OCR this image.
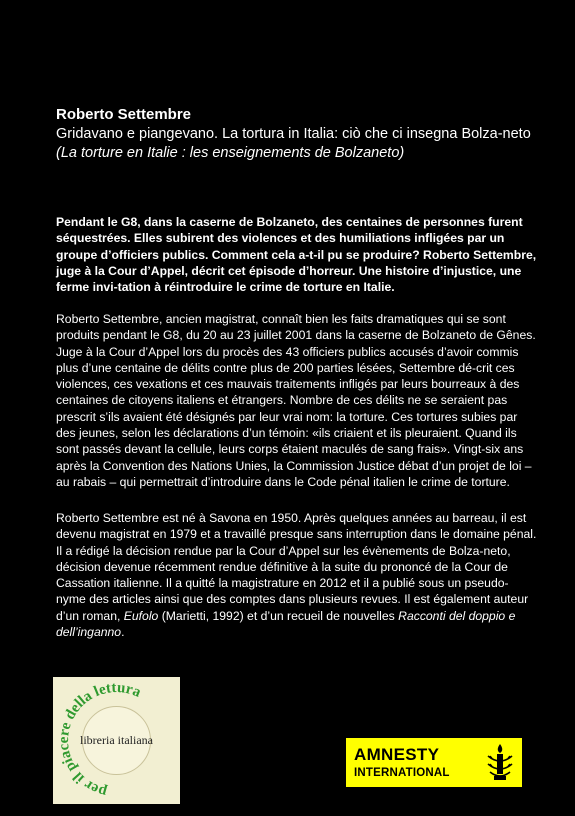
Roberto Settembre
Gridavano e piangevano. La tortura in Italia: ciò che ci insegna Bolza-neto
(La torture en Italie : les enseignements de Bolzaneto)

Pendant le G8, dans la caserne de Bolzaneto, des centaines de personnes furent séquestrées. Elles subirent des violences et des humiliations infligées par un groupe d’officiers publics. Comment cela a-t-il pu se produire? Roberto Settembre, juge à la Cour d’Appel, décrit cet épisode d’horreur. Une histoire d’injustice, une ferme invi-tation à réintroduire le crime de torture en Italie.

Roberto Settembre, ancien magistrat, connaît bien les faits dramatiques qui se sont produits pendant le G8, du 20 au 23 juillet 2001 dans la caserne de Bolzaneto de Gênes. Juge à la Cour d’Appel lors du procès des 43 officiers publics accusés d’avoir commis plus d’une centaine de délits contre plus de 200 parties lésées, Settembre dé-crit ces violences, ces vexations et ces mauvais traitements infligés par leurs bourreaux à des centaines de citoyens italiens et étrangers. Nombre de ces délits ne se seraient pas prescrit s’ils avaient été désignés par leur vrai nom: la torture. Ces tortures subies par des jeunes, selon les déclarations d’un témoin: «ils criaient et ils pleuraient. Quand ils sont passés devant la cellule, leurs corps étaient maculés de sang frais». Vingt-six ans après la Convention des Nations Unies, la Commission Justice débat d’un projet de loi – au rabais – qui permettrait d’introduire dans le Code pénal italien le crime de torture.

Roberto Settembre est né à Savona en 1950. Après quelques années au barreau, il est devenu magistrat en 1979 et a travaillé presque sans interruption dans le domaine pénal. Il a rédigé la décision rendue par la Cour d’Appel sur les évènements de Bolza-neto, décision devenue récemment rendue définitive à la suite du prononcé de la Cour de Cassation italienne. Il a quitté la magistrature en 2012 et il a publié sous un pseudo-nyme des articles ainsi que des comptes dans plusieurs revues. Il est également auteur d’un roman, Eufolo (Marietti, 1992) et d’un recueil de nouvelles Racconti del doppio e dell’inganno.

per il piacere della lettura
libreria italiana
AMNESTY
INTERNATIONAL
